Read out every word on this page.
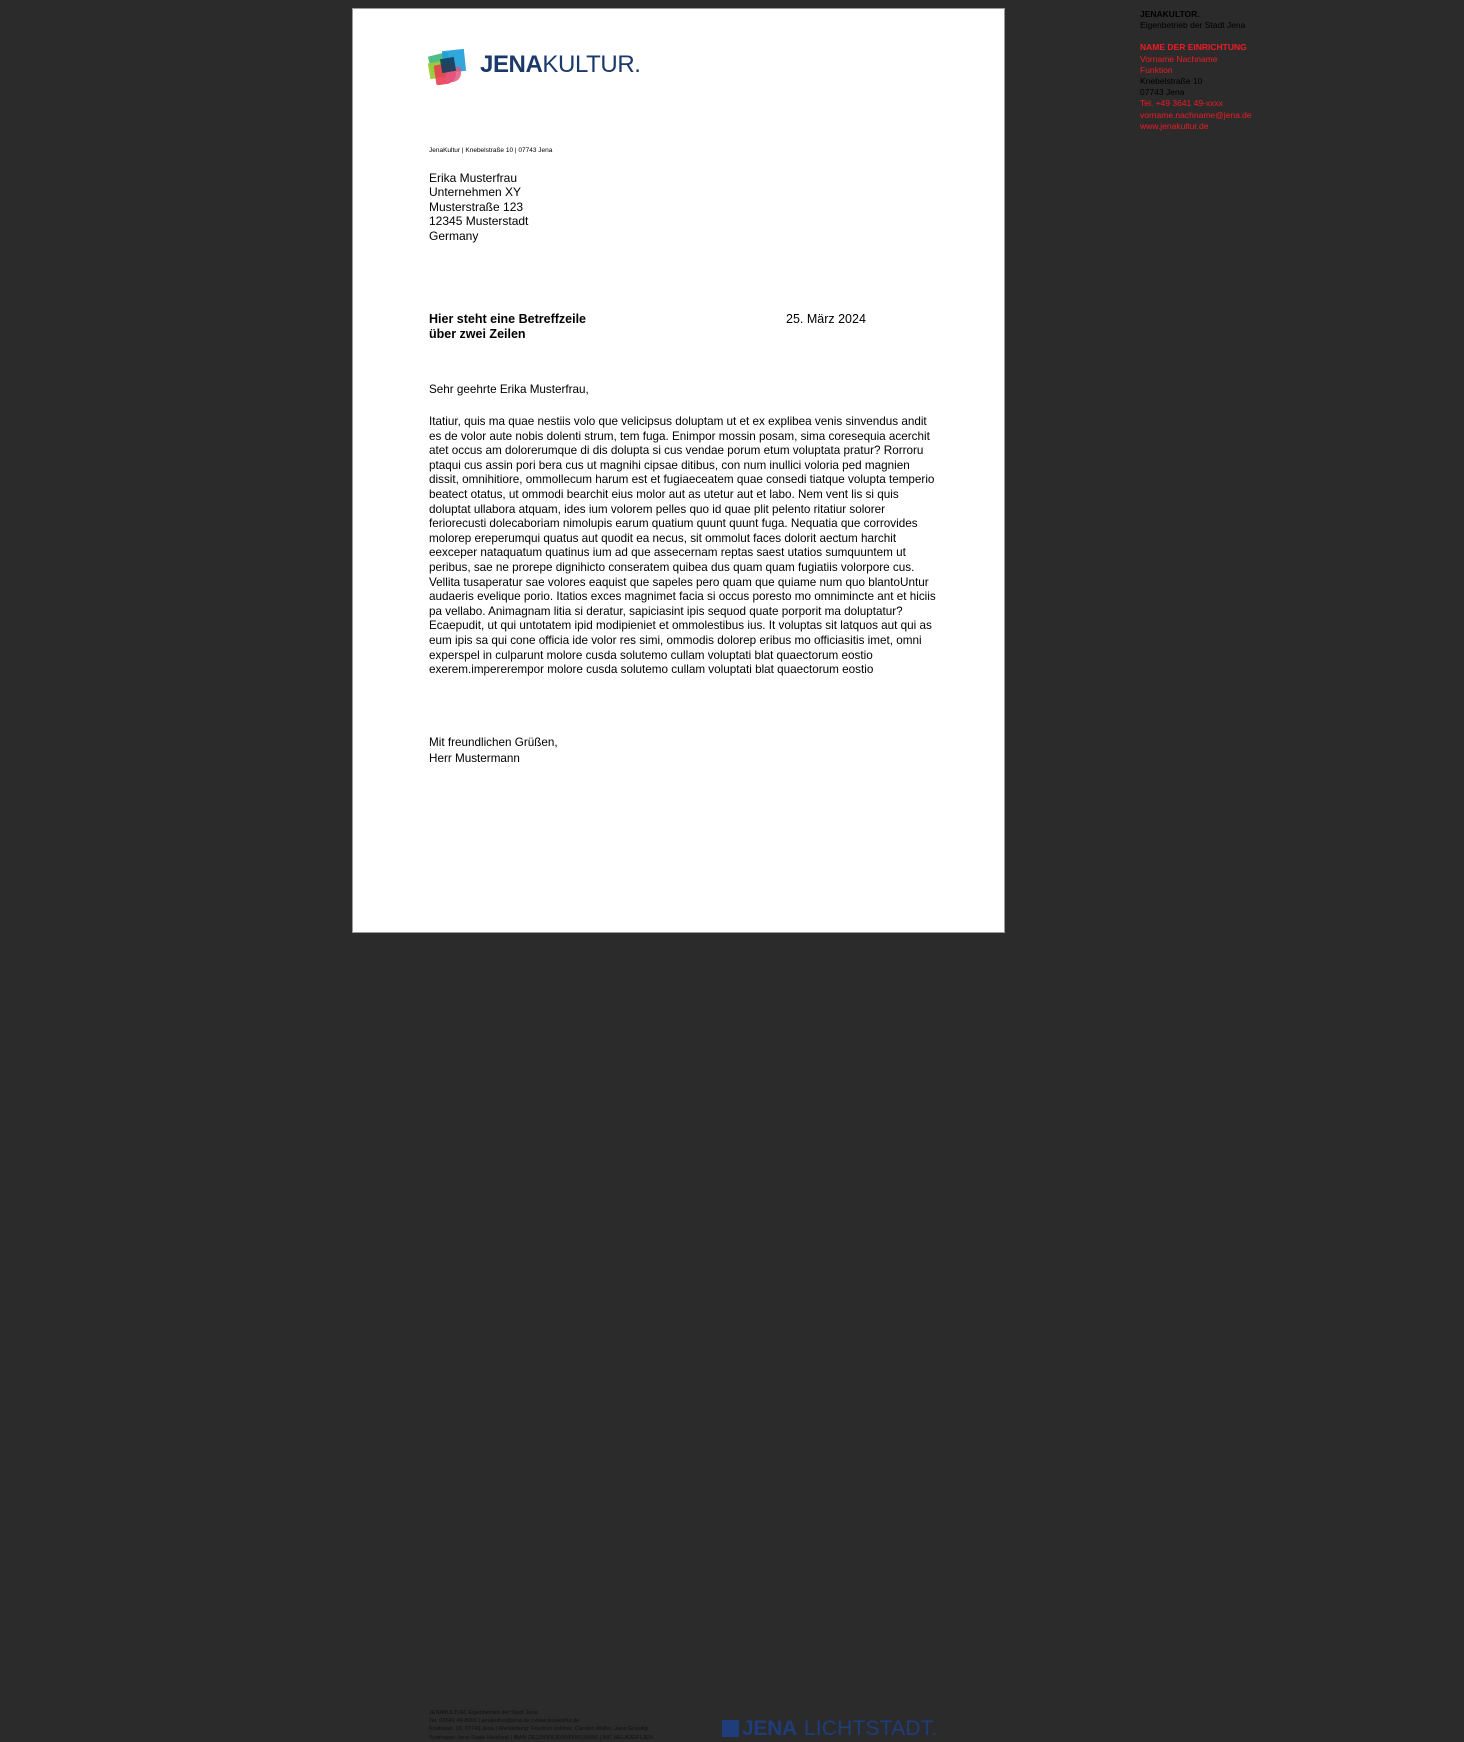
JENAKULTUR.
JENAKULTOR.
Eigenbetrieb der Stadt Jena
NAME DER EINRICHTUNG
Vorname Nachname
Funktion
Knebelstraße 10
07743 Jena
Tel. +49 3641 49-xxxx
vorname.nachname@jena.de
www.jenakultur.de
JenaKultur | Knebelstraße 10 | 07743 Jena
Erika Musterfrau
Unternehmen XY
Musterstraße 123
12345 Musterstadt
Germany
Hier steht eine Betreffzeile
über zwei Zeilen
25. März 2024
Sehr geehrte Erika Musterfrau,
Itatiur, quis ma quae nestiis volo que velicipsus doluptam ut et ex explibea venis sinvendus andit es de volor aute nobis dolenti strum, tem fuga. Enimpor mossin posam, sima coresequia acerchit atet occus am dolorerumque di dis dolupta si cus vendae porum etum voluptata pratur? Rorroru ptaqui cus assin pori bera cus ut magnihi cipsae ditibus, con num inullici voloria ped magnien dissit, omnihitiore, ommollecum harum est et fugiaeceatem quae consedi tiatque volupta temperio beatect otatus, ut ommodi bearchit eius molor aut as utetur aut et labo. Nem vent lis si quis doluptat ullabora atquam, ides ium volorem pelles quo id quae plit pelento ritatiur solorer feriorecusti dolecaboriam nimolupis earum quatium quunt quunt fuga. Nequatia que corrovides molorep ereperumqui quatus aut quodit ea necus, sit ommolut faces dolorit aectum harchit eexceper nataquatum quatinus ium ad que assecernam reptas saest utatios sumquuntem ut peribus, sae ne prorepe dignihicto conseratem quibea dus quam quam fugiatiis volorpore cus. Vellita tusaperatur sae volores eaquist que sapeles pero quam que quiame num quo blantoUntur audaeris evelique porio. Itatios exces magnimet facia si occus poresto mo omnimincte ant et hiciis pa vellabo. Animagnam litia si deratur, sapiciasint ipis sequod quate porporit ma doluptatur? Ecaepudit, ut qui untotatem ipid modipieniet et ommolestibus ius. It voluptas sit latquos aut qui as eum ipis sa qui cone officia ide volor res simi, ommodis dolorep eribus mo officiasitis imet, omni experspel in culparunt molore cusda solutemo cullam voluptati blat quaectorum eostio exerem.impererempor molore cusda solutemo cullam voluptati blat quaectorum eostio
Mit freundlichen Grüßen,
Herr Mustermann
JENAKULTUR. Eigenbetrieb der Stadt Jena
Tel. 03641 49-8000 | jenakultur@jena.de | www.jenakultur.de
Knebelstr. 10, 07743 Jena | Werkleitung: Friedrun Vollmer, Carsten Müller, Jana Gründig
Sparkasse Jena-Saale-Holzland | IBAN DE32830530300000035050 | BIC HELADEF1JEN	JENA LICHTSTADT.
